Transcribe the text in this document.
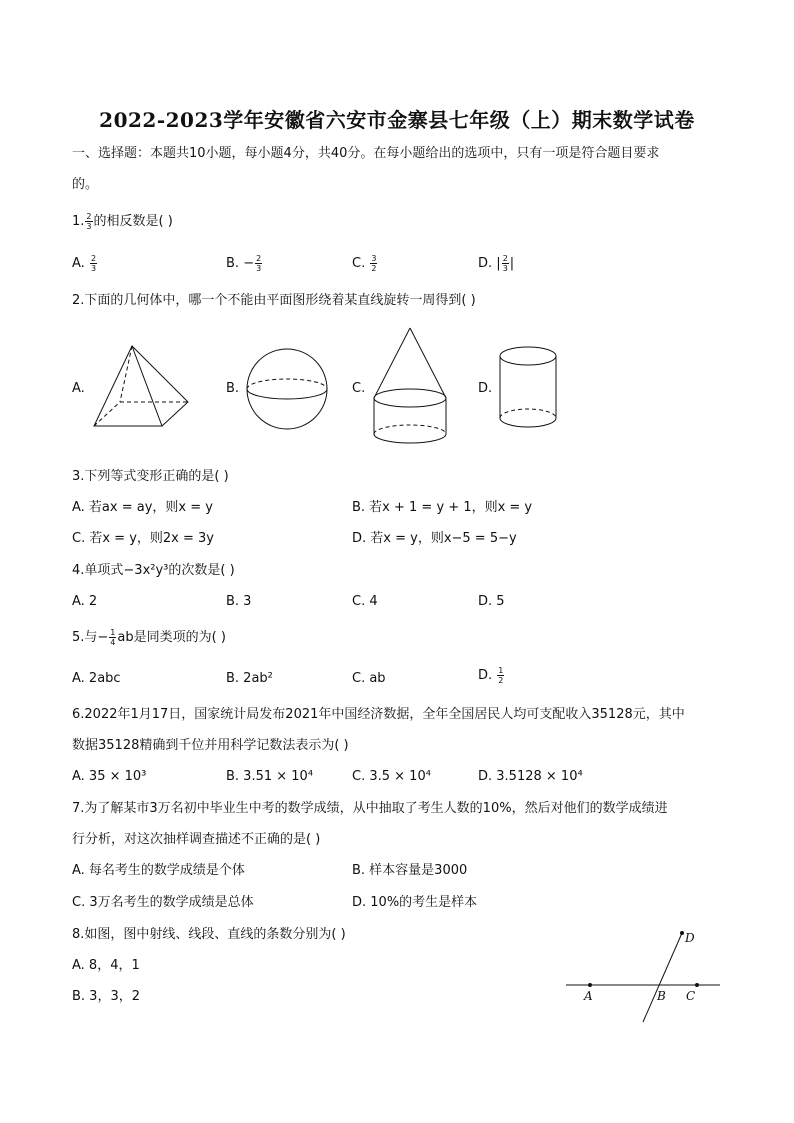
2022-2023学年安徽省六安市金寨县七年级（上）期末数学试卷
一、选择题：本题共10小题，每小题4分，共40分。在每小题给出的选项中，只有一项是符合题目要求
的。
1. $\frac{2}{3}$ 的相反数是( )
A. $\frac{2}{3}$	B. − $\frac{2}{3}$	C. $\frac{3}{2}$	D. | $\frac{2}{3}$ |
2.下面的几何体中，哪一个不能由平面图形绕着某直线旋转一周得到( )
A.	B.	C.	D.
3.下列等式变形正确的是( )
A. 若ax = ay，则x = y	B. 若x + 1 = y + 1，则x = y
C. 若x = y，则2x = 3y	D. 若x = y，则x−5 = 5−y
4.单项式−3x²y³的次数是( )
A. 2	B. 3	C. 4	D. 5
5.与− $\frac{1}{4}$ ab是同类项的为( )
A. 2abc	B. 2ab²	C. ab	D. $\frac{1}{2}$
6.2022年1月17日，国家统计局发布2021年中国经济数据，全年全国居民人均可支配收入35128元，其中
数据35128精确到千位并用科学记数法表示为( )
A. 35 × 10³	B. 3.51 × 10⁴	C. 3.5 × 10⁴	D. 3.5128 × 10⁴
7.为了解某市3万名初中毕业生中考的数学成绩，从中抽取了考生人数的10%，然后对他们的数学成绩进
行分析，对这次抽样调查描述不正确的是( )
A. 每名考生的数学成绩是个体	B. 样本容量是3000
C. 3万名考生的数学成绩是总体	D. 10%的考生是样本
8.如图，图中射线、线段、直线的条数分别为( )
A. 8，4，1
B. 3，3，2	A	B C
D
